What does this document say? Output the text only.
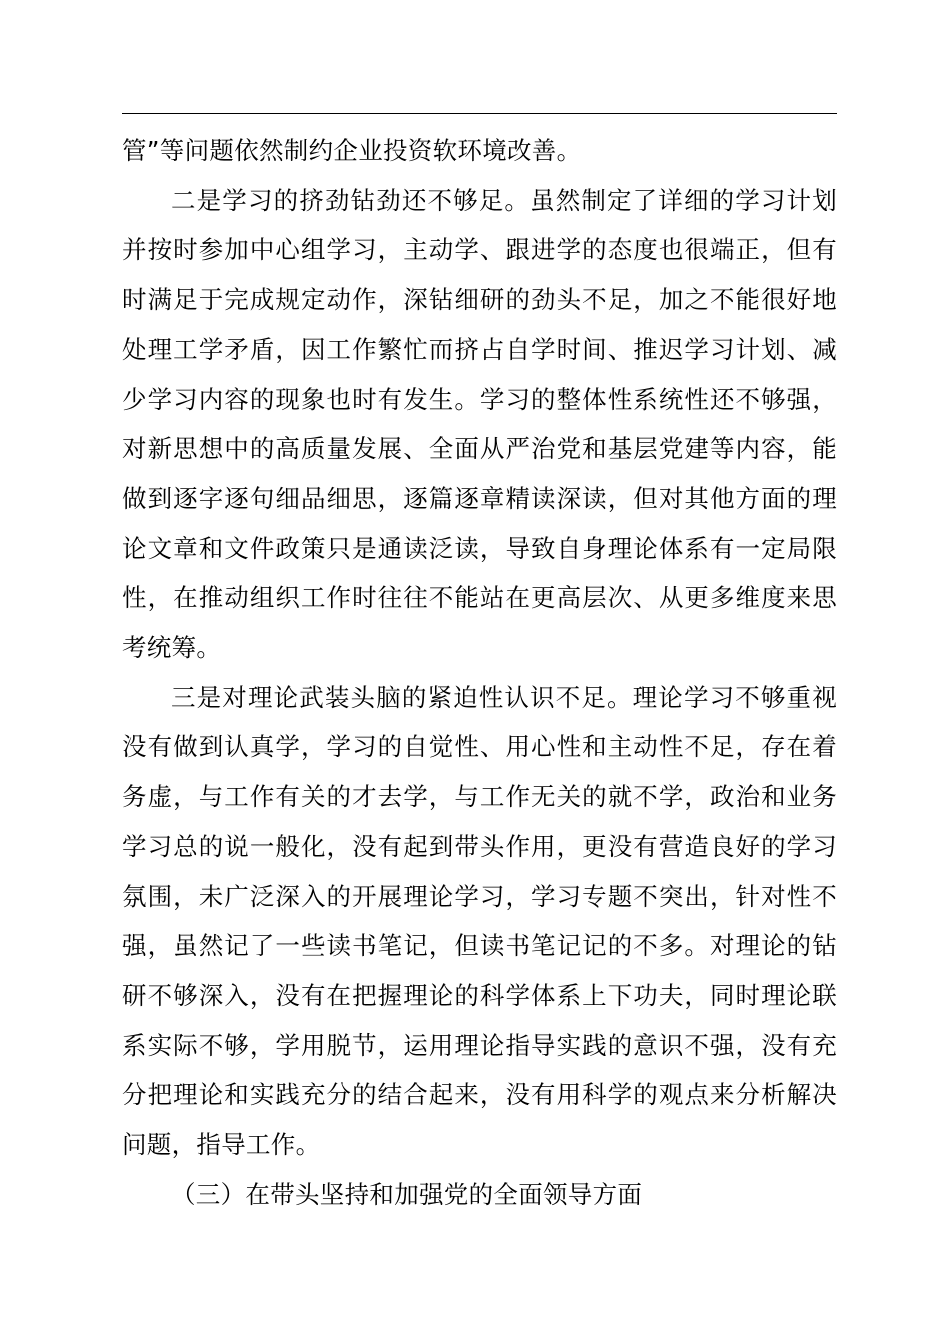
管”等问题依然制约企业投资软环境改善。

二是学习的挤劲钻劲还不够足。虽然制定了详细的学习计划并按时参加中心组学习，主动学、跟进学的态度也很端正，但有时满足于完成规定动作，深钻细研的劲头不足，加之不能很好地处理工学矛盾，因工作繁忙而挤占自学时间、推迟学习计划、减少学习内容的现象也时有发生。学习的整体性系统性还不够强，对新思想中的高质量发展、全面从严治党和基层党建等内容，能做到逐字逐句细品细思，逐篇逐章精读深读，但对其他方面的理论文章和文件政策只是通读泛读，导致自身理论体系有一定局限性，在推动组织工作时往往不能站在更高层次、从更多维度来思考统筹。

三是对理论武装头脑的紧迫性认识不足。理论学习不够重视没有做到认真学，学习的自觉性、用心性和主动性不足，存在着务虚，与工作有关的才去学，与工作无关的就不学，政治和业务学习总的说一般化，没有起到带头作用，更没有营造良好的学习氛围，未广泛深入的开展理论学习，学习专题不突出，针对性不强，虽然记了一些读书笔记，但读书笔记记的不多。对理论的钻研不够深入，没有在把握理论的科学体系上下功夫，同时理论联系实际不够，学用脱节，运用理论指导实践的意识不强，没有充分把理论和实践充分的结合起来，没有用科学的观点来分析解决问题，指导工作。

（三）在带头坚持和加强党的全面领导方面
